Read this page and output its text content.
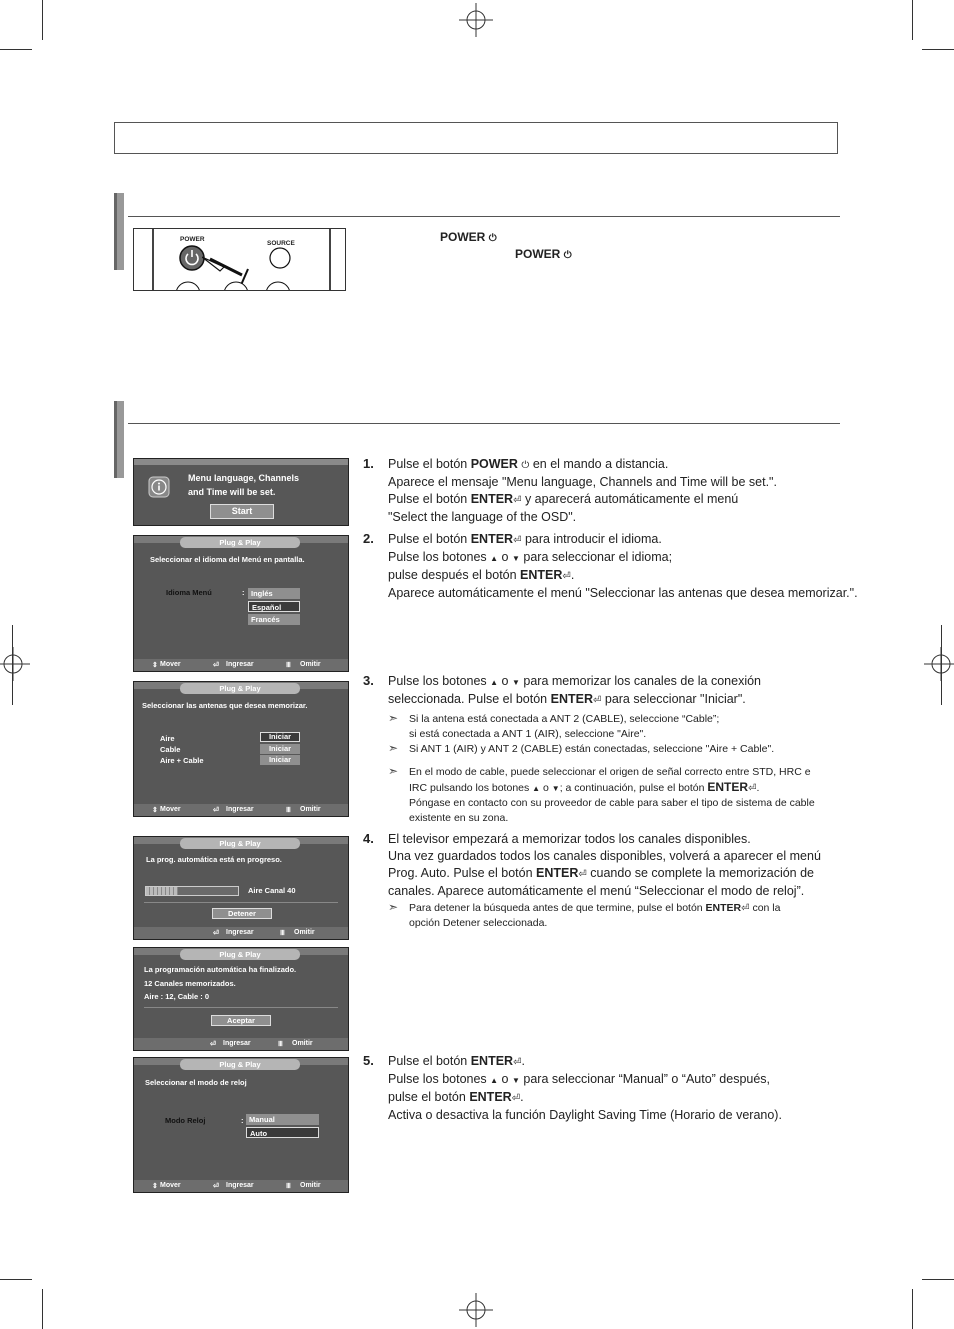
POWER
SOURCE	POWER ⏻
POWER ⏻
Menu language, Channels
and Time will be set.
Start
Plug & Play
Seleccionar el idioma del Menú en pantalla.
Idioma Menú	: Inglés
Español
Francés
⇕ Mover	⏎ Ingresar	Ⅲ Omitir
Plug & Play
Seleccionar las antenas que desea memorizar.
Aire
Cable
Aire + Cable
Iniciar
Iniciar
Iniciar
⇕ Mover	⏎ Ingresar	Ⅲ Omitir
Plug & Play
La prog. automática está en progreso.
Aire Canal 40
Detener
⏎ Ingresar	Ⅲ Omitir
Plug & Play
La programación automática ha finalizado.
12 Canales memorizados.
Aire : 12, Cable : 0
Aceptar
⏎ Ingresar	Ⅲ Omitir
Plug & Play
Seleccionar el modo de reloj
Modo Reloj	: Manual
Auto
⇕ Mover	⏎ Ingresar	Ⅲ Omitir
1. Pulse el botón POWER ⏻ en el mando a distancia.
Aparece el mensaje "Menu language, Channels and Time will be set.".
Pulse el botón ENTER⏎ y aparecerá automáticamente el menú
"Select the language of the OSD".
2. Pulse el botón ENTER⏎ para introducir el idioma.
Pulse los botones ▲ o ▼ para seleccionar el idioma;
pulse después el botón ENTER⏎.
Aparece automáticamente el menú "Seleccionar las antenas que desea memorizar.".
3. Pulse los botones ▲ o ▼ para memorizar los canales de la conexión
seleccionada. Pulse el botón ENTER⏎ para seleccionar "Iniciar".
➣ Si la antena está conectada a ANT 2 (CABLE), seleccione “Cable”;
si está conectada a ANT 1 (AIR), seleccione "Aire".
➣ Si ANT 1 (AIR) y ANT 2 (CABLE) están conectadas, seleccione "Aire + Cable".
➣ En el modo de cable, puede seleccionar el origen de señal correcto entre STD, HRC e
IRC pulsando los botones ▲ o ▼; a continuación, pulse el botón ENTER⏎.
Póngase en contacto con su proveedor de cable para saber el tipo de sistema de cable
existente en su zona.
4. El televisor empezará a memorizar todos los canales disponibles.
Una vez guardados todos los canales disponibles, volverá a aparecer el menú
Prog. Auto. Pulse el botón ENTER⏎ cuando se complete la memorización de
canales. Aparece automáticamente el menú “Seleccionar el modo de reloj”.
➣ Para detener la búsqueda antes de que termine, pulse el botón ENTER⏎ con la
opción Detener seleccionada.
5. Pulse el botón ENTER⏎.
Pulse los botones ▲ o ▼ para seleccionar “Manual” o “Auto” después,
pulse el botón ENTER⏎.
Activa o desactiva la función Daylight Saving Time (Horario de verano).
